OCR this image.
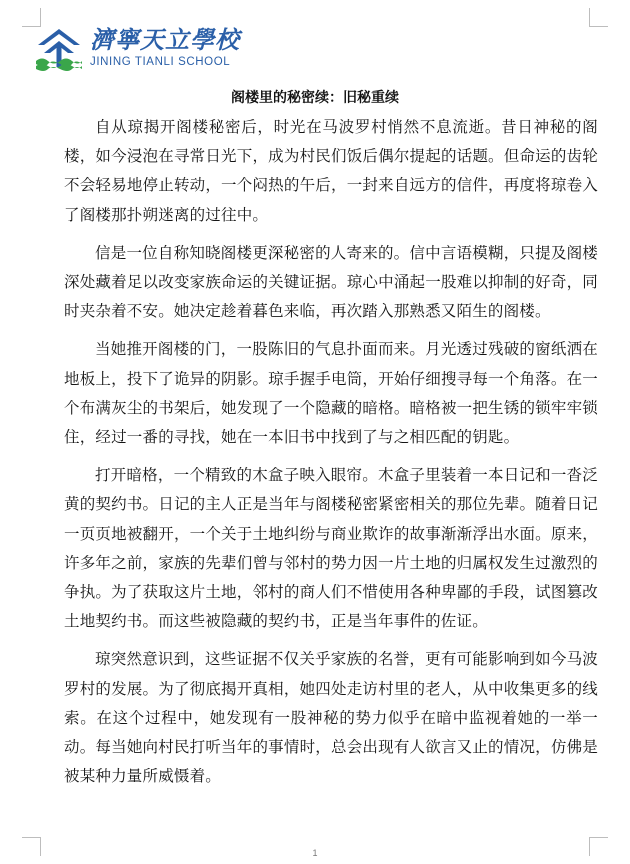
濟寧天立學校
JINING TIANLI SCHOOL
阁楼里的秘密续：旧秘重续

自从琼揭开阁楼秘密后，时光在马波罗村悄然不息流逝。昔日神秘的阁楼，如今浸泡在寻常日光下，成为村民们饭后偶尔提起的话题。但命运的齿轮不会轻易地停止转动，一个闷热的午后，一封来自远方的信件，再度将琼卷入了阁楼那扑朔迷离的过往中。

信是一位自称知晓阁楼更深秘密的人寄来的。信中言语模糊，只提及阁楼深处藏着足以改变家族命运的关键证据。琼心中涌起一股难以抑制的好奇，同时夹杂着不安。她决定趁着暮色来临，再次踏入那熟悉又陌生的阁楼。

当她推开阁楼的门，一股陈旧的气息扑面而来。月光透过残破的窗纸洒在地板上，投下了诡异的阴影。琼手握手电筒，开始仔细搜寻每一个角落。在一个布满灰尘的书架后，她发现了一个隐藏的暗格。暗格被一把生锈的锁牢牢锁住，经过一番的寻找，她在一本旧书中找到了与之相匹配的钥匙。

打开暗格，一个精致的木盒子映入眼帘。木盒子里装着一本日记和一沓泛黄的契约书。日记的主人正是当年与阁楼秘密紧密相关的那位先辈。随着日记一页页地被翻开，一个关于土地纠纷与商业欺诈的故事渐渐浮出水面。原来，许多年之前，家族的先辈们曾与邻村的势力因一片土地的归属权发生过激烈的争执。为了获取这片土地，邻村的商人们不惜使用各种卑鄙的手段，试图篡改土地契约书。而这些被隐藏的契约书，正是当年事件的佐证。

琼突然意识到，这些证据不仅关乎家族的名誉，更有可能影响到如今马波罗村的发展。为了彻底揭开真相，她四处走访村里的老人，从中收集更多的线索。在这个过程中，她发现有一股神秘的势力似乎在暗中监视着她的一举一动。每当她向村民打听当年的事情时，总会出现有人欲言又止的情况，仿佛是被某种力量所威慑着。

1
